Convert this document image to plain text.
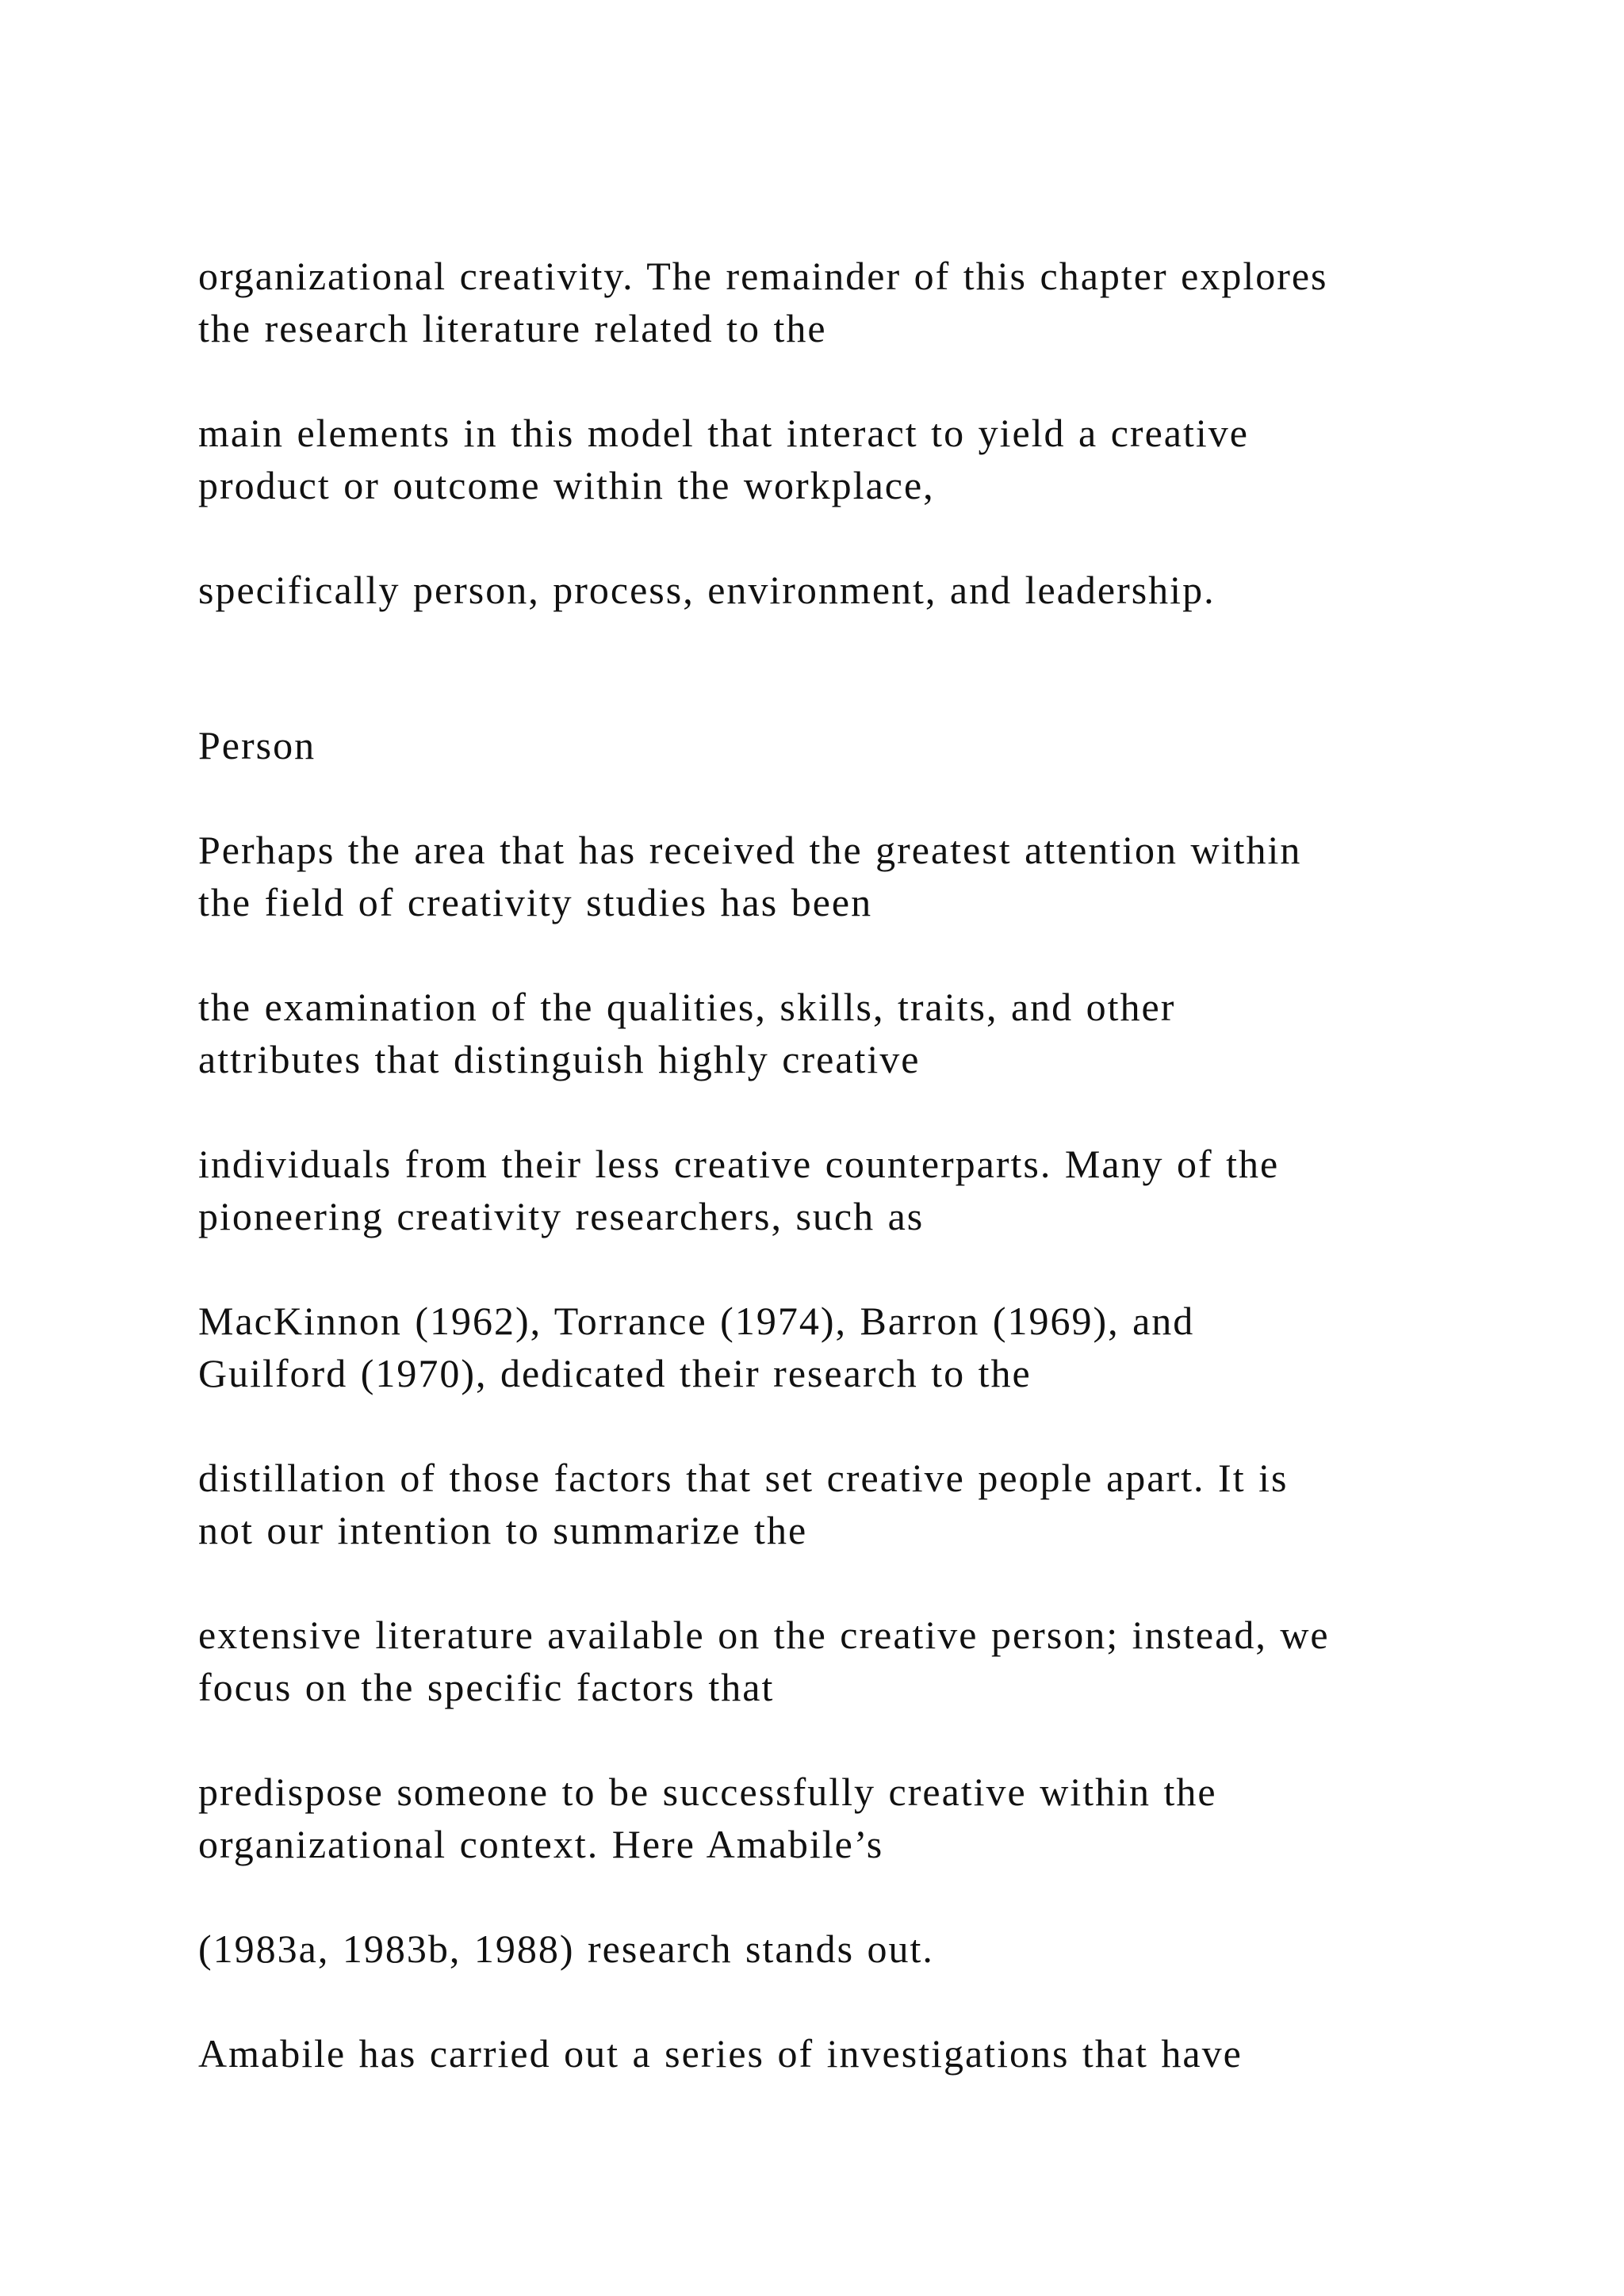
organizational creativity. The remainder of this chapter explores
the research literature related to the
main elements in this model that interact to yield a creative
product or outcome within the workplace,
specifically person, process, environment, and leadership.
Person
Perhaps the area that has received the greatest attention within
the field of creativity studies has been
the examination of the qualities, skills, traits, and other
attributes that distinguish highly creative
individuals from their less creative counterparts. Many of the
pioneering creativity researchers, such as
MacKinnon (1962), Torrance (1974), Barron (1969), and
Guilford (1970), dedicated their research to the
distillation of those factors that set creative people apart. It is
not our intention to summarize the
extensive literature available on the creative person; instead, we
focus on the specific factors that
predispose someone to be successfully creative within the
organizational context. Here Amabile’s
(1983a, 1983b, 1988) research stands out.
Amabile has carried out a series of investigations that have
